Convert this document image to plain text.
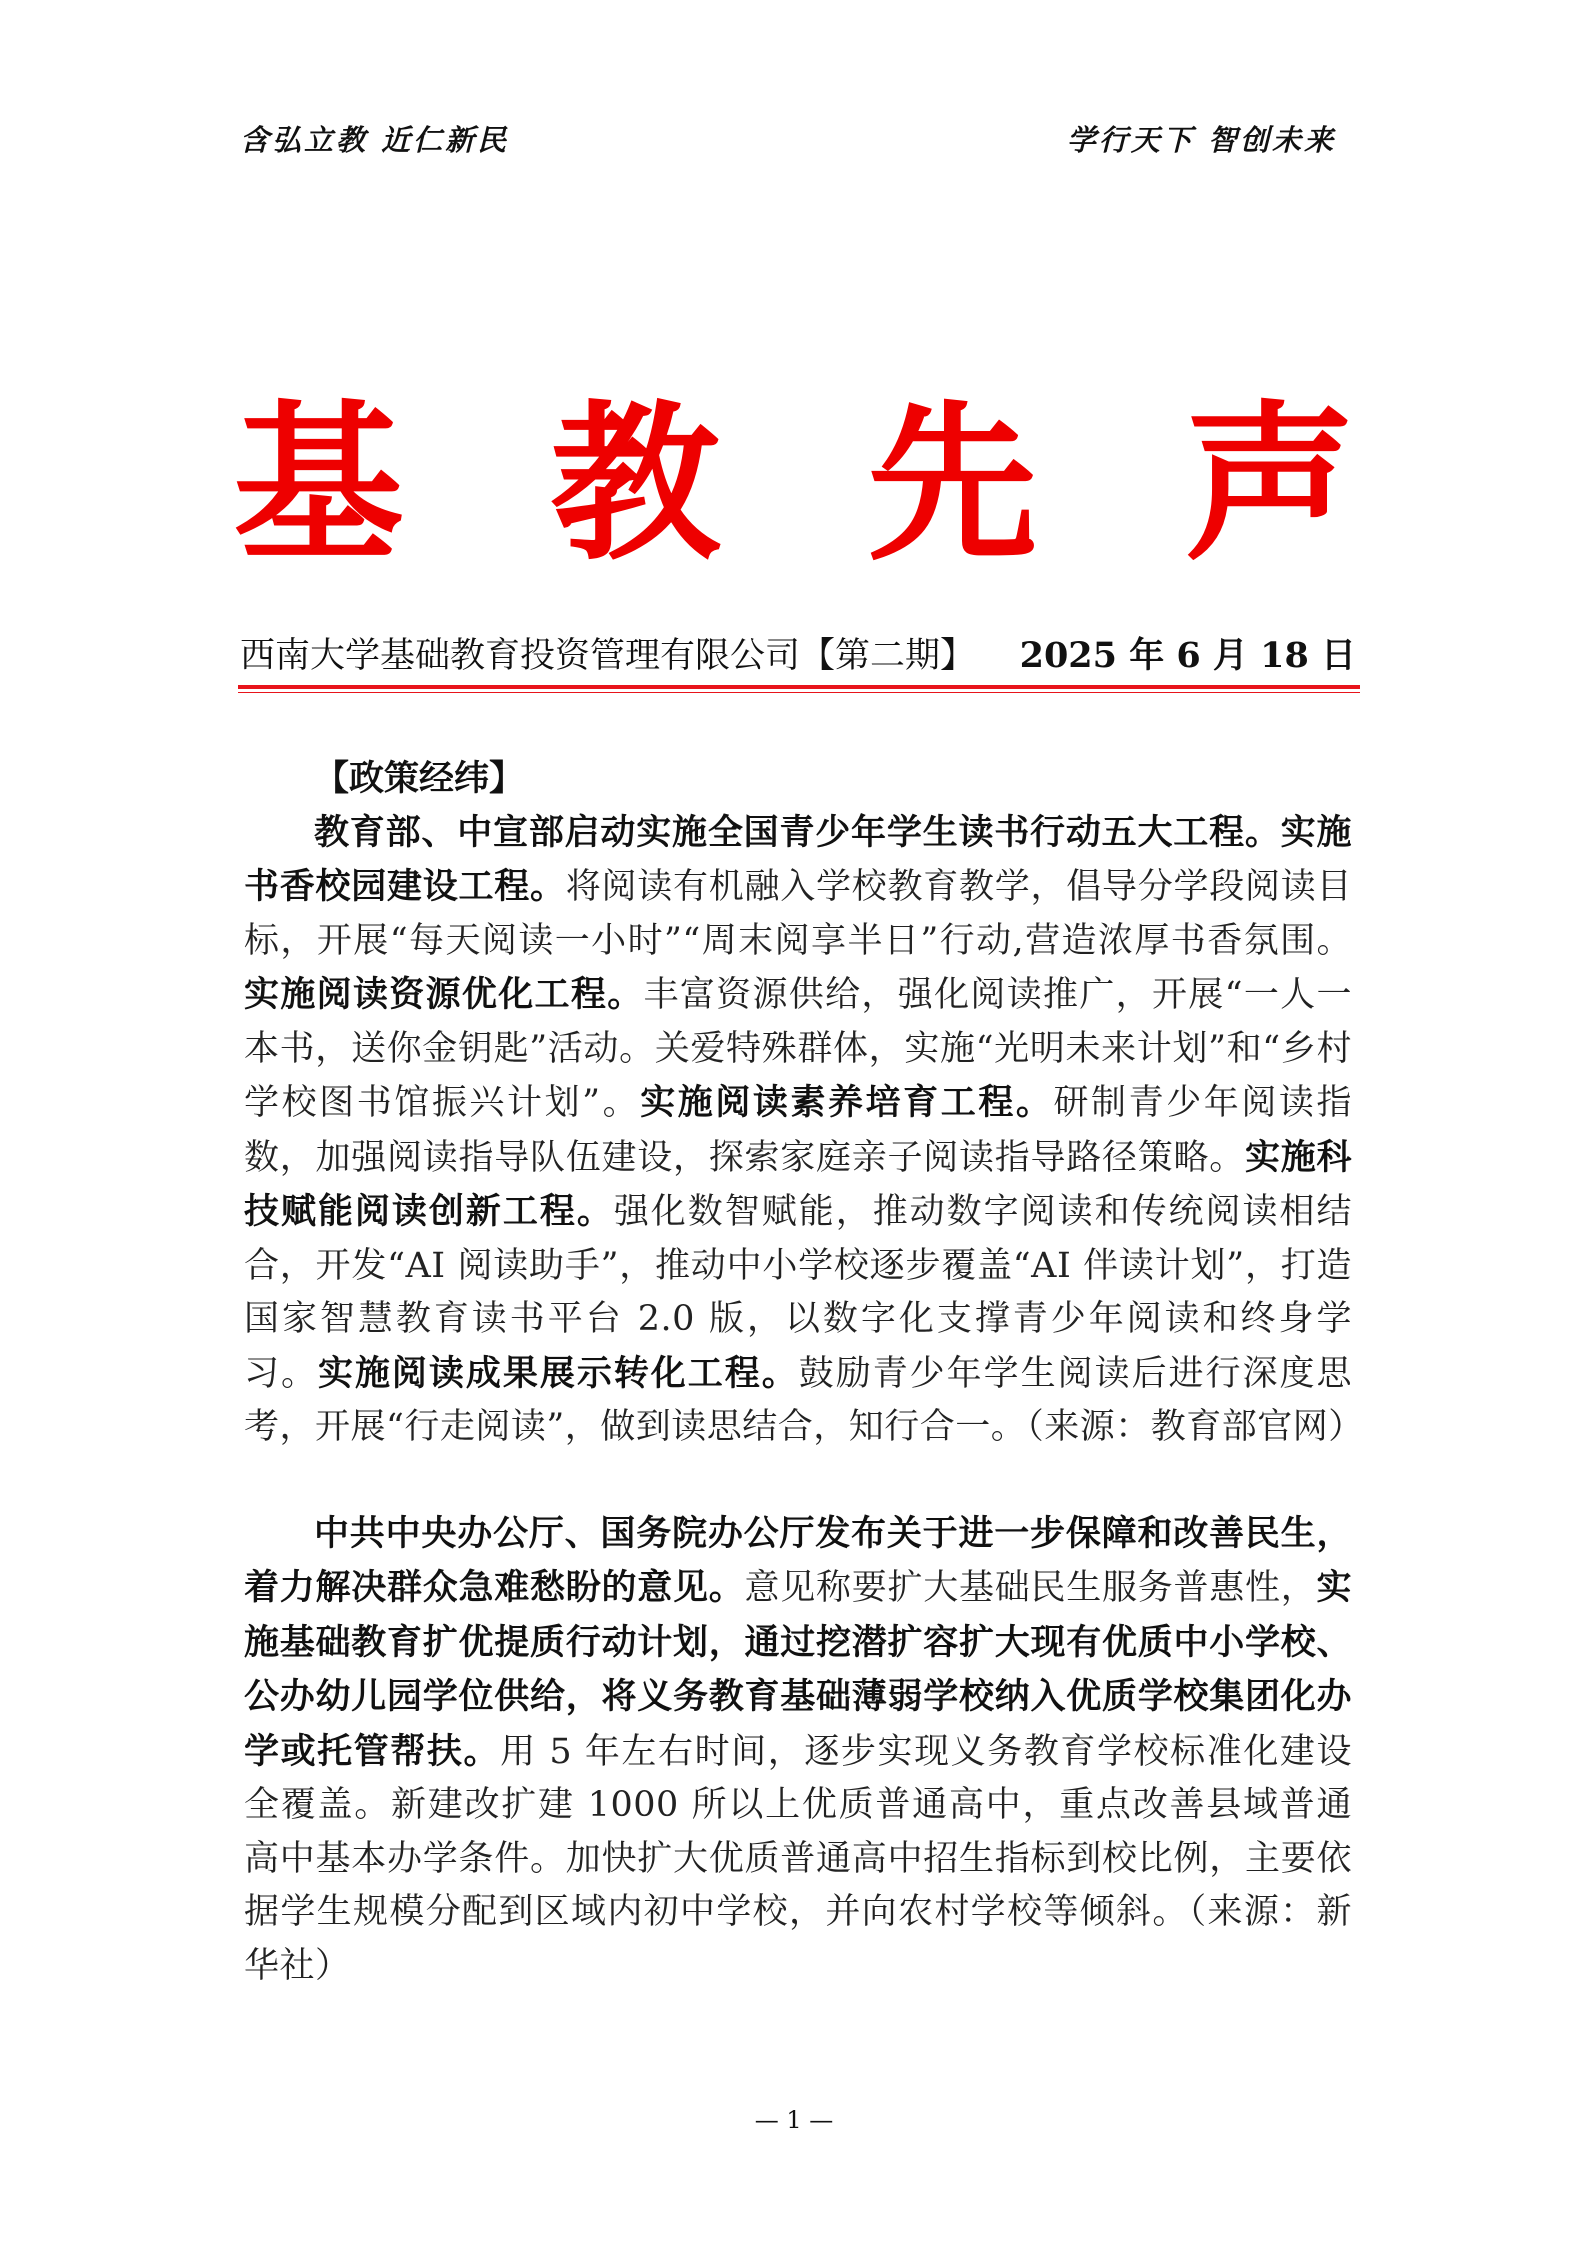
含弘立教 近仁新民	学行天下 智创未来
基 教 先 声
西南大学基础教育投资管理有限公司【第二期】 2025 年 6 月 18 日

【政策经纬】

教育部、中宣部启动实施全国青少年学生读书行动五大工程。实施书香校园建设工程。将阅读有机融入学校教育教学，倡导分学段阅读目标，开展“每天阅读一小时”“周末阅享半日”行动,营造浓厚书香氛围。实施阅读资源优化工程。丰富资源供给，强化阅读推广，开展“一人一本书，送你金钥匙”活动。关爱特殊群体，实施“光明未来计划”和“乡村学校图书馆振兴计划”。实施阅读素养培育工程。研制青少年阅读指数，加强阅读指导队伍建设，探索家庭亲子阅读指导路径策略。实施科技赋能阅读创新工程。强化数智赋能，推动数字阅读和传统阅读相结合，开发“AI 阅读助手”，推动中小学校逐步覆盖“AI 伴读计划”，打造国家智慧教育读书平台 2.0 版，以数字化支撑青少年阅读和终身学习。实施阅读成果展示转化工程。鼓励青少年学生阅读后进行深度思考，开展“行走阅读”，做到读思结合，知行合一。（来源：教育部官网）

中共中央办公厅、国务院办公厅发布关于进一步保障和改善民生，着力解决群众急难愁盼的意见。意见称要扩大基础民生服务普惠性，实施基础教育扩优提质行动计划，通过挖潜扩容扩大现有优质中小学校、公办幼儿园学位供给，将义务教育基础薄弱学校纳入优质学校集团化办学或托管帮扶。用 5 年左右时间，逐步实现义务教育学校标准化建设全覆盖。新建改扩建 1000 所以上优质普通高中，重点改善县域普通高中基本办学条件。加快扩大优质普通高中招生指标到校比例，主要依据学生规模分配到区域内初中学校，并向农村学校等倾斜。（来源：新华社）

— 1 —
